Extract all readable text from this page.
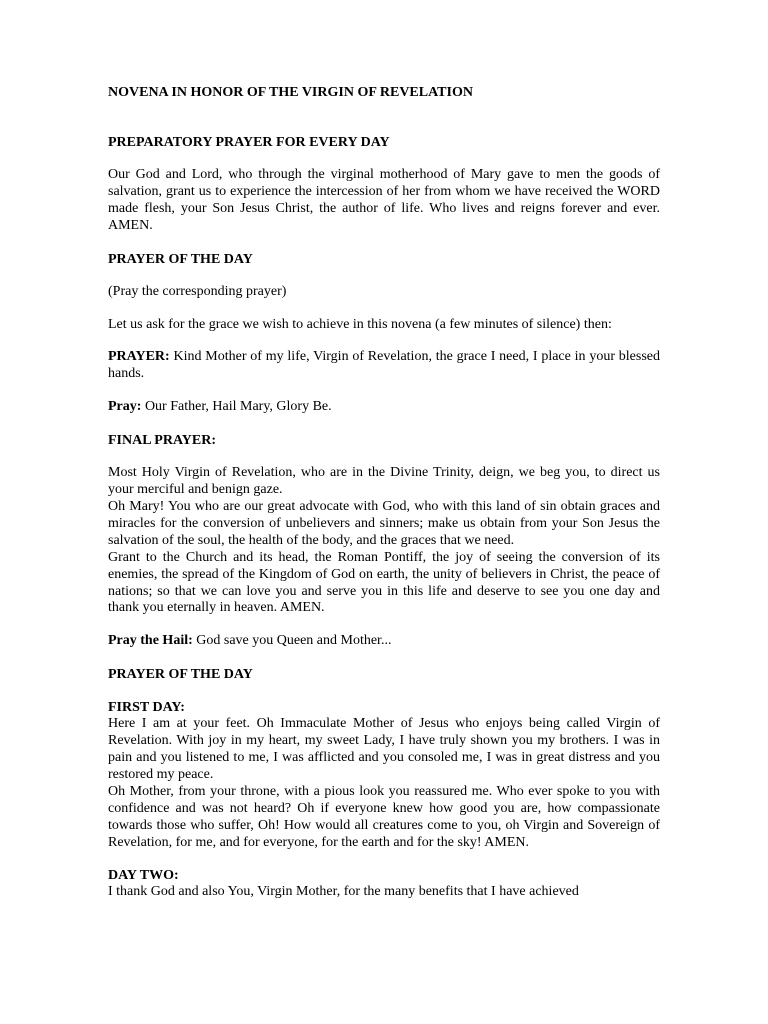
NOVENA IN HONOR OF THE VIRGIN OF REVELATION
PREPARATORY PRAYER FOR EVERY DAY

Our God and Lord, who through the virginal motherhood of Mary gave to men the goods of salvation, grant us to experience the intercession of her from whom we have received the WORD made flesh, your Son Jesus Christ, the author of life. Who lives and reigns forever and ever. AMEN.

PRAYER OF THE DAY

(Pray the corresponding prayer)

Let us ask for the grace we wish to achieve in this novena (a few minutes of silence) then:

PRAYER: Kind Mother of my life, Virgin of Revelation, the grace I need, I place in your blessed hands.

Pray: Our Father, Hail Mary, Glory Be.

FINAL PRAYER:

Most Holy Virgin of Revelation, who are in the Divine Trinity, deign, we beg you, to direct us your merciful and benign gaze.

Oh Mary! You who are our great advocate with God, who with this land of sin obtain graces and miracles for the conversion of unbelievers and sinners; make us obtain from your Son Jesus the salvation of the soul, the health of the body, and the graces that we need.

Grant to the Church and its head, the Roman Pontiff, the joy of seeing the conversion of its enemies, the spread of the Kingdom of God on earth, the unity of believers in Christ, the peace of nations; so that we can love you and serve you in this life and deserve to see you one day and thank you eternally in heaven. AMEN.

Pray the Hail: God save you Queen and Mother...

PRAYER OF THE DAY
FIRST DAY:

Here I am at your feet. Oh Immaculate Mother of Jesus who enjoys being called Virgin of Revelation. With joy in my heart, my sweet Lady, I have truly shown you my brothers. I was in pain and you listened to me, I was afflicted and you consoled me, I was in great distress and you restored my peace.

Oh Mother, from your throne, with a pious look you reassured me. Who ever spoke to you with confidence and was not heard? Oh if everyone knew how good you are, how compassionate towards those who suffer, Oh! How would all creatures come to you, oh Virgin and Sovereign of Revelation, for me, and for everyone, for the earth and for the sky! AMEN.

DAY TWO:

I thank God and also You, Virgin Mother, for the many benefits that I have achieved
